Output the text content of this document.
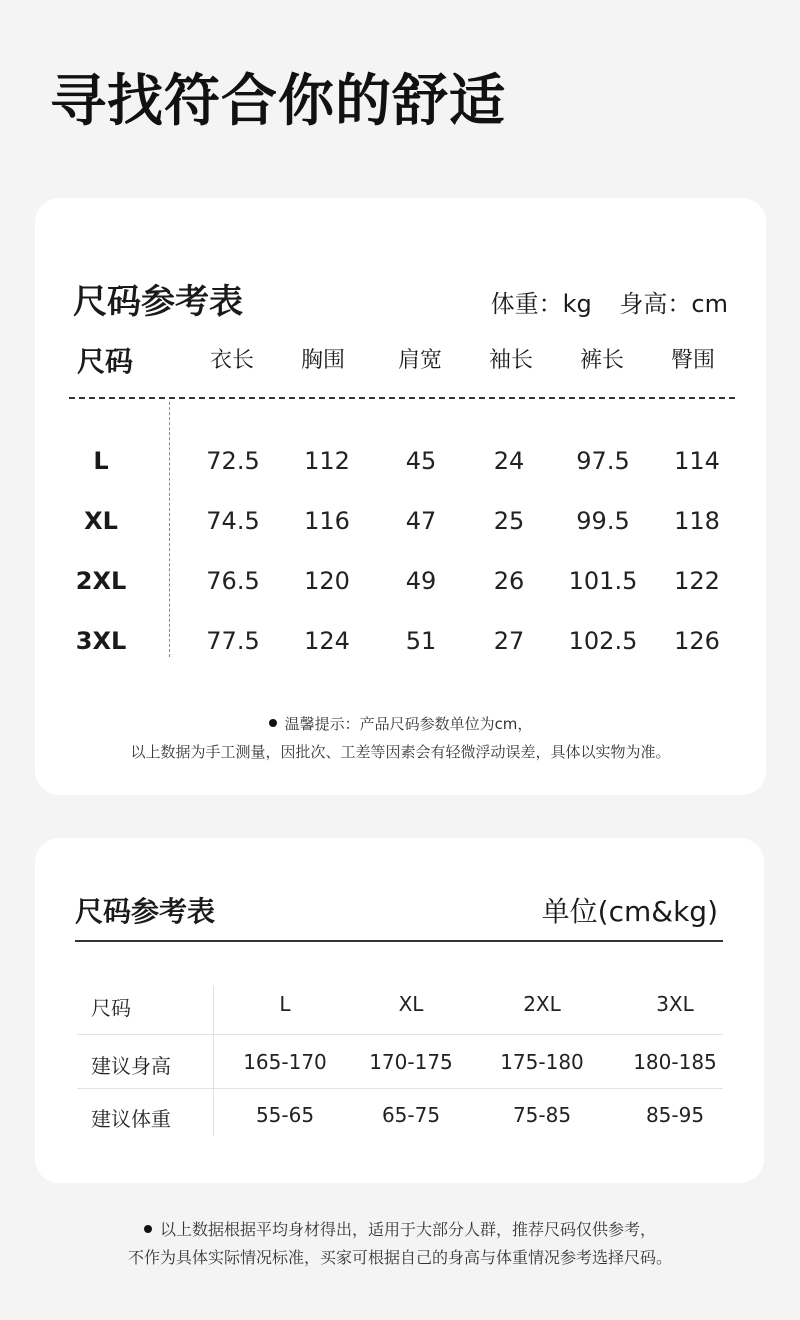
寻找符合你的舒适
尺码参考表	体重：kg 身高：cm
尺码	衣长 胸围 肩宽 袖长 裤长 臀围
L	72.5 112 45 24 97.5 114
XL	74.5 116 47 25 99.5 118
2XL	76.5 120 49 26 101.5 122
3XL	77.5 124 51 27 102.5 126
温馨提示：产品尺码参数单位为cm，
以上数据为手工测量，因批次、工差等因素会有轻微浮动误差，具体以实物为准。
尺码参考表	单位(cm&kg)
尺码	L	XL	2XL	3XL
建议身高	165-170 170-175 175-180 180-185
建议体重	55-65	65-75	75-85	85-95
以上数据根据平均身材得出，适用于大部分人群，推荐尺码仅供参考，
不作为具体实际情况标准，买家可根据自己的身高与体重情况参考选择尺码。
